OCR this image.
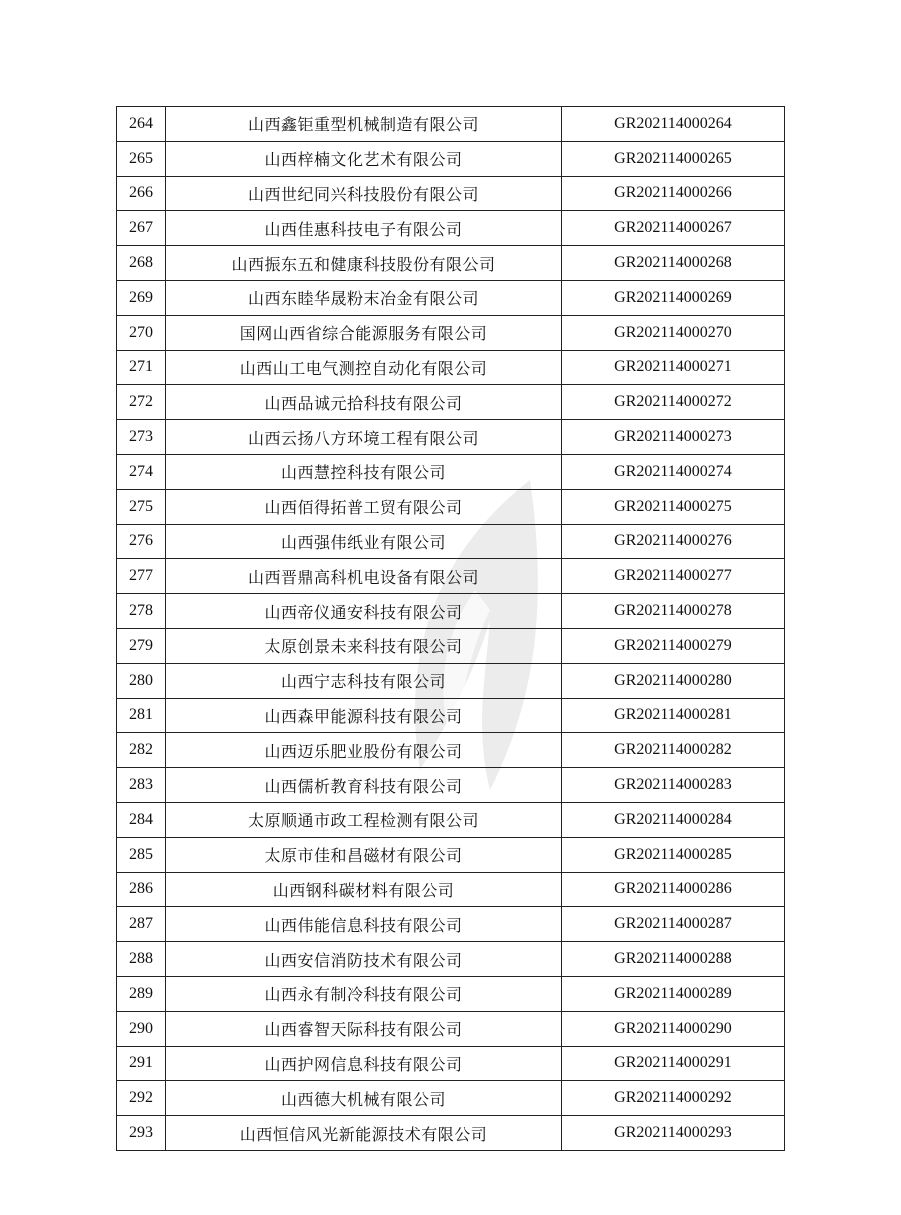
264	山西鑫钜重型机械制造有限公司	GR202114000264
265	山西梓楠文化艺术有限公司	GR202114000265
266	山西世纪同兴科技股份有限公司	GR202114000266
267	山西佳惠科技电子有限公司	GR202114000267
268	山西振东五和健康科技股份有限公司	GR202114000268
269	山西东睦华晟粉末冶金有限公司	GR202114000269
270	国网山西省综合能源服务有限公司	GR202114000270
271	山西山工电气测控自动化有限公司	GR202114000271
272	山西品诚元拾科技有限公司	GR202114000272
273	山西云扬八方环境工程有限公司	GR202114000273
274	山西慧控科技有限公司	GR202114000274
275	山西佰得拓普工贸有限公司	GR202114000275
276	山西强伟纸业有限公司	GR202114000276
277	山西晋鼎高科机电设备有限公司	GR202114000277
278	山西帝仪通安科技有限公司	GR202114000278
279	太原创景未来科技有限公司	GR202114000279
280	山西宁志科技有限公司	GR202114000280
281	山西森甲能源科技有限公司	GR202114000281
282	山西迈乐肥业股份有限公司	GR202114000282
283	山西儒析教育科技有限公司	GR202114000283
284	太原顺通市政工程检测有限公司	GR202114000284
285	太原市佳和昌磁材有限公司	GR202114000285
286	山西钢科碳材料有限公司	GR202114000286
287	山西伟能信息科技有限公司	GR202114000287
288	山西安信消防技术有限公司	GR202114000288
289	山西永有制冷科技有限公司	GR202114000289
290	山西睿智天际科技有限公司	GR202114000290
291	山西护网信息科技有限公司	GR202114000291
292	山西德大机械有限公司	GR202114000292
293	山西恒信风光新能源技术有限公司	GR202114000293
